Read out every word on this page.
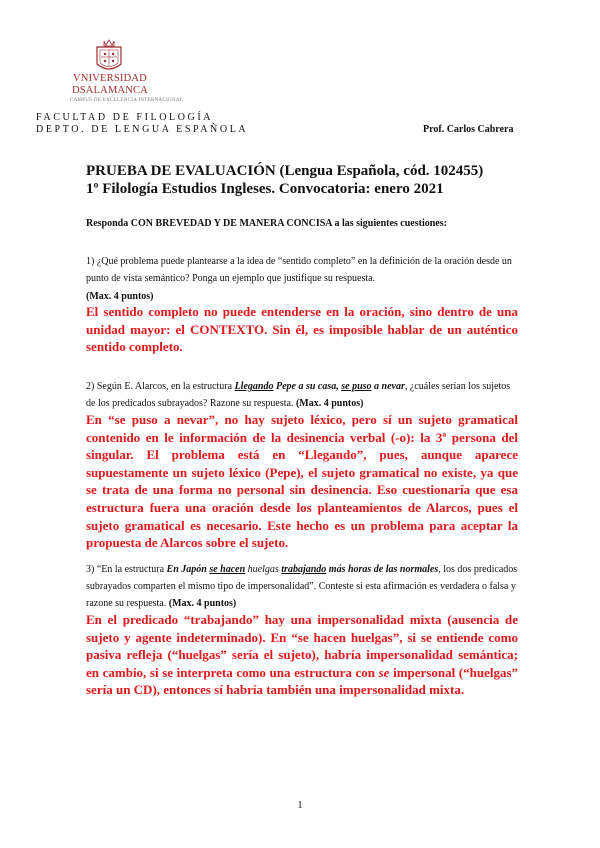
VNIVERSIDAD
DSALAMANCA
CAMPUS DE EXCELENCIA INTERNACIONAL
FACULTAD DE FILOLOGÍA
DEPTO. DE LENGUA ESPAÑOLA	Prof. Carlos Cabrera
PRUEBA DE EVALUACIÓN (Lengua Española, cód. 102455)
1º Filología Estudios Ingleses. Convocatoria: enero 2021
Responda CON BREVEDAD Y DE MANERA CONCISA a las siguientes cuestiones:
1) ¿Qué problema puede plantearse a la idea de “sentido completo” en la definición de la oración desde un punto de vista semántico? Ponga un ejemplo que justifique su respuesta.
(Max. 4 puntos)
El sentido completo no puede entenderse en la oración, sino dentro de una unidad mayor: el CONTEXTO. Sin él, es imposible hablar de un auténtico sentido completo.
2) Según E. Alarcos, en la estructura Llegando Pepe a su casa, se puso a nevar, ¿cuáles serían los sujetos de los predicados subrayados? Razone su respuesta. (Max. 4 puntos)
En “se puso a nevar”, no hay sujeto léxico, pero sí un sujeto gramatical contenido en le información de la desinencia verbal (-o): la 3ª persona del singular. El problema está en “Llegando”, pues, aunque aparece supuestamente un sujeto léxico (Pepe), el sujeto gramatical no existe, ya que se trata de una forma no personal sin desinencia. Eso cuestionaría que esa estructura fuera una oración desde los planteamientos de Alarcos, pues el sujeto gramatical es necesario. Este hecho es un problema para aceptar la propuesta de Alarcos sobre el sujeto.
3) “En la estructura En Japón se hacen huelgas trabajando más horas de las normales, los dos predicados subrayados comparten el mismo tipo de impersonalidad”. Conteste si esta afirmación es verdadera o falsa y razone su respuesta. (Max. 4 puntos)
En el predicado “trabajando” hay una impersonalidad mixta (ausencia de sujeto y agente indeterminado). En “se hacen huelgas”, si se entiende como pasiva refleja (“huelgas” sería el sujeto), habría impersonalidad semántica; en cambio, si se interpreta como una estructura con se impersonal (“huelgas” sería un CD), entonces sí habría también una impersonalidad mixta.
1
